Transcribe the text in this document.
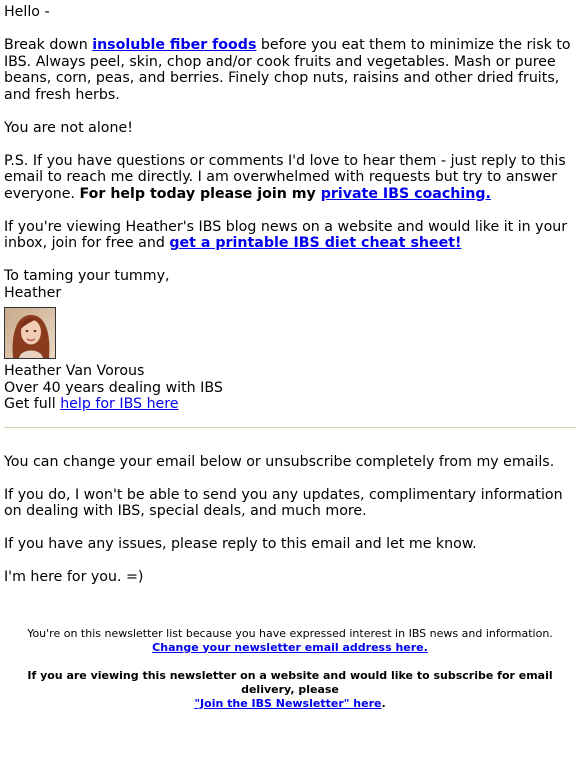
Hello -

Break down insoluble fiber foods before you eat them to minimize the risk to IBS. Always peel, skin, chop and/or cook fruits and vegetables. Mash or puree beans, corn, peas, and berries. Finely chop nuts, raisins and other dried fruits, and fresh herbs.

You are not alone!

P.S. If you have questions or comments I'd love to hear them - just reply to this email to reach me directly. I am overwhelmed with requests but try to answer everyone. For help today please join my private IBS coaching.

If you're viewing Heather's IBS blog news on a website and would like it in your inbox, join for free and get a printable IBS diet cheat sheet!

To taming your tummy,
Heather

Heather Van Vorous
Over 40 years dealing with IBS
Get full help for IBS here

You can change your email below or unsubscribe completely from my emails.

If you do, I won't be able to send you any updates, complimentary information on dealing with IBS, special deals, and much more.

If you have any issues, please reply to this email and let me know.

I'm here for you. =)

You're on this newsletter list because you have expressed interest in IBS news and information.
Change your newsletter email address here.

If you are viewing this newsletter on a website and would like to subscribe for email delivery, please
"Join the IBS Newsletter" here.
